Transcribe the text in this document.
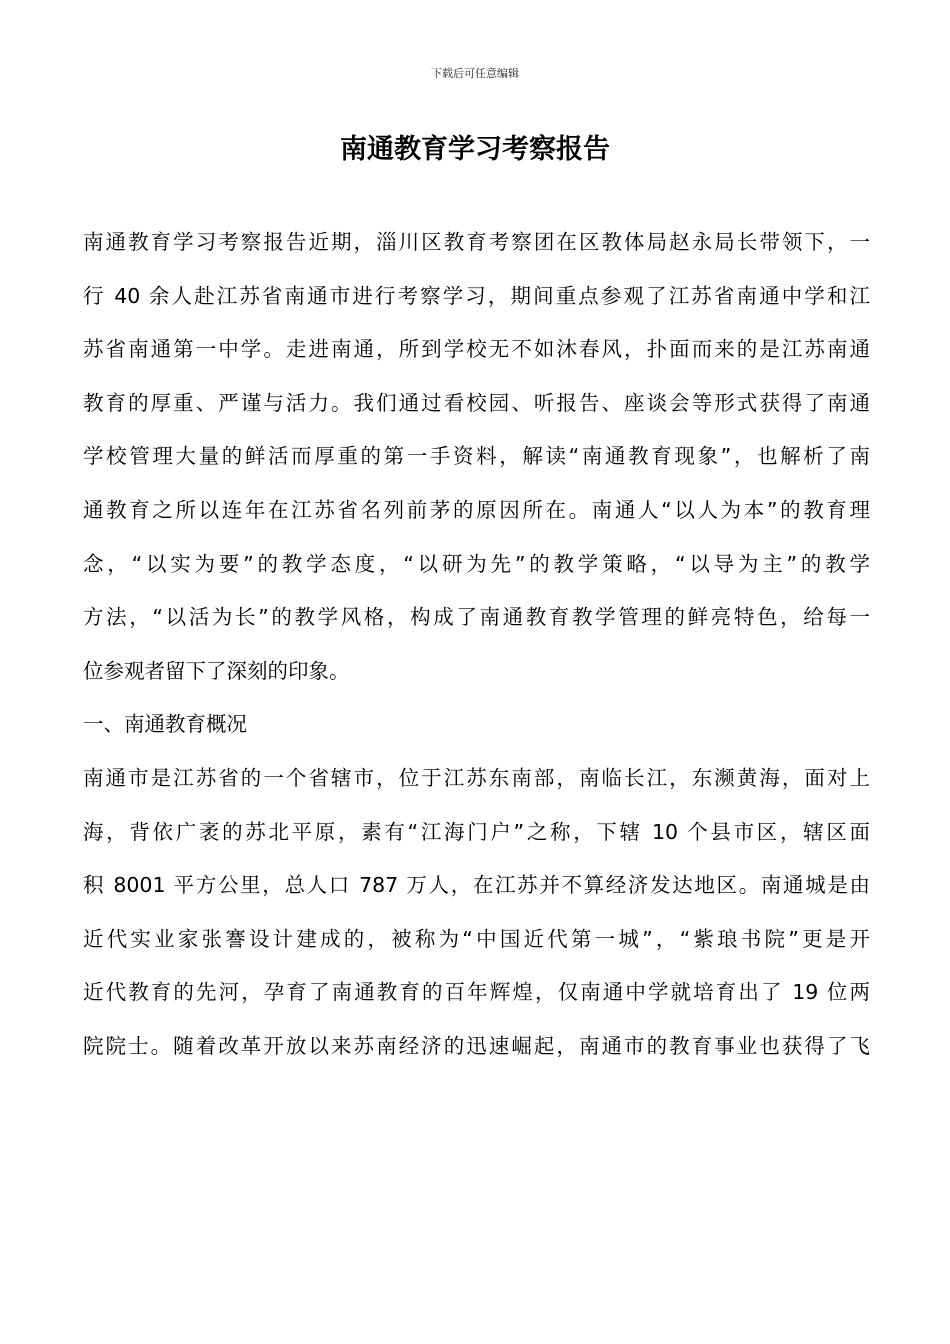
下载后可任意编辑
南通教育学习考察报告
南通教育学习考察报告近期，淄川区教育考察团在区教体局赵永局长带领下，一
行 40 余人赴江苏省南通市进行考察学习，期间重点参观了江苏省南通中学和江
苏省南通第一中学。走进南通，所到学校无不如沐春风，扑面而来的是江苏南通
教育的厚重、严谨与活力。我们通过看校园、听报告、座谈会等形式获得了南通
学校管理大量的鲜活而厚重的第一手资料，解读“南通教育现象”，也解析了南
通教育之所以连年在江苏省名列前茅的原因所在。南通人“以人为本”的教育理
念，“以实为要”的教学态度，“以研为先”的教学策略，“以导为主”的教学
方法，“以活为长”的教学风格，构成了南通教育教学管理的鲜亮特色，给每一
位参观者留下了深刻的印象。
一、南通教育概况
南通市是江苏省的一个省辖市，位于江苏东南部，南临长江，东濒黄海，面对上
海，背依广袤的苏北平原，素有“江海门户”之称，下辖 10 个县市区，辖区面
积 8001 平方公里，总人口 787 万人，在江苏并不算经济发达地区。南通城是由
近代实业家张謇设计建成的，被称为“中国近代第一城”，“紫琅书院”更是开
近代教育的先河，孕育了南通教育的百年辉煌，仅南通中学就培育出了 19 位两
院院士。随着改革开放以来苏南经济的迅速崛起，南通市的教育事业也获得了飞
